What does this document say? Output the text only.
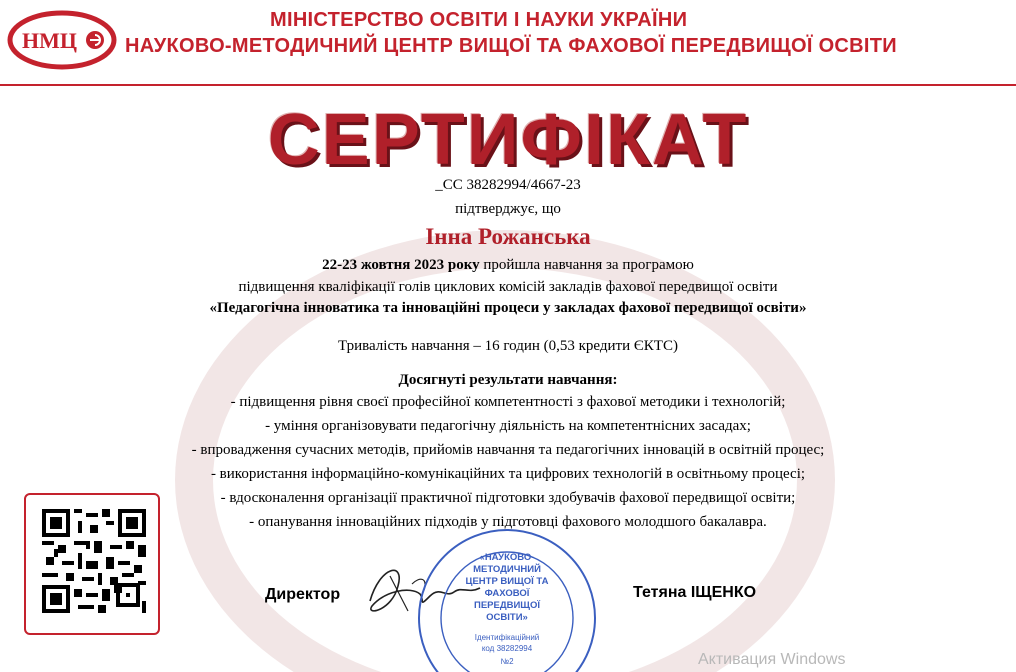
НМЦ
МІНІСТЕРСТВО ОСВІТИ І НАУКИ УКРАЇНИ
НАУКОВО-МЕТОДИЧНИЙ ЦЕНТР ВИЩОЇ ТА ФАХОВОЇ ПЕРЕДВИЩОЇ ОСВІТИ
СЕРТИФІКАТ
_СС 38282994/4667-23
підтверджує, що
Інна Рожанська
22-23 жовтня 2023 року пройшла навчання за програмою
підвищення кваліфікації голів циклових комісій закладів фахової передвищої освіти
«Педагогічна інноватика та інноваційні процеси у закладах фахової передвищої освіти»
Тривалість навчання – 16 годин (0,53 кредити ЄКТС)
Досягнуті результати навчання:
- підвищення рівня своєї професійної компетентності з фахової методики і технологій;
- уміння організовувати педагогічну діяльність на компетентнісних засадах;
- впровадження сучасних методів, прийомів навчання та педагогічних інновацій в освітній процес;
- використання інформаційно-комунікаційних та цифрових технологій в освітньому процесі;
- вдосконалення організації практичної підготовки здобувачів фахової передвищої освіти;
- опанування інноваційних підходів у підготовці фахового молодшого бакалавра.
Директор	Тетяна ІЩЕНКО
«НАУКОВО-
МЕТОДИЧНИЙ
ЦЕНТР ВИЩОЇ ТА
ФАХОВОЇ
ПЕРЕДВИЩОЇ
ОСВІТИ»
Ідентифікаційний
код 38282994
№2	Активация Windows
